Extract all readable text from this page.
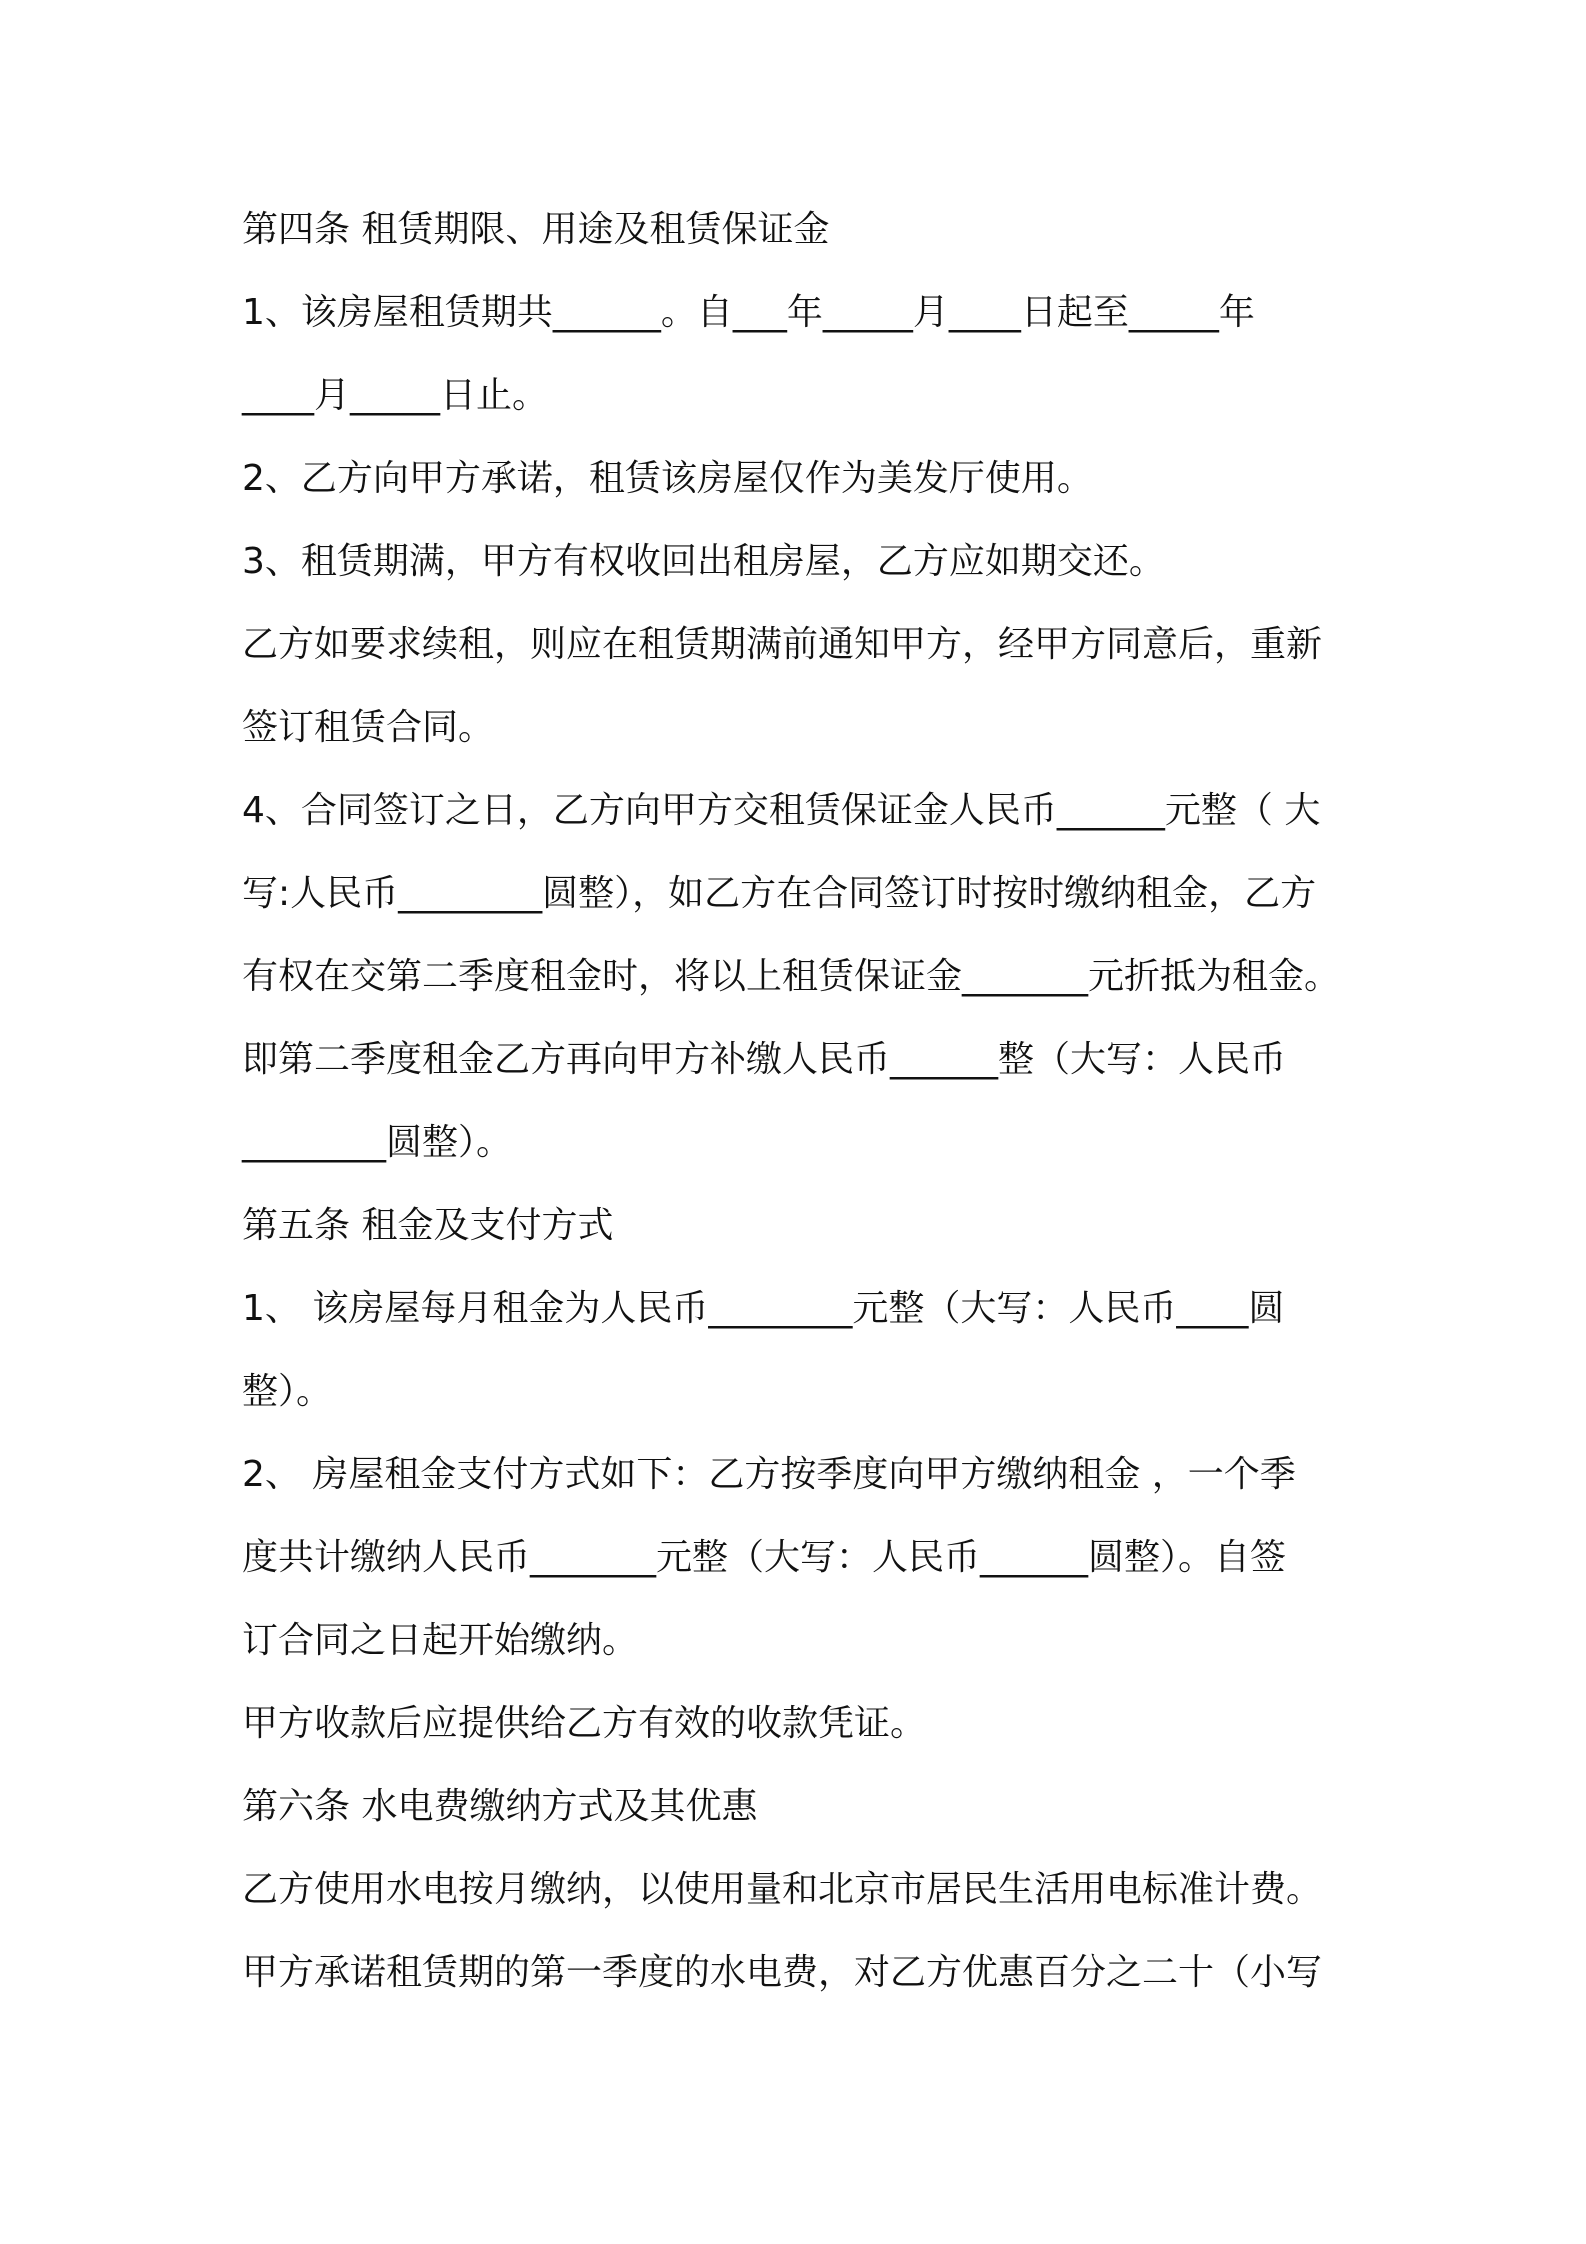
第四条 租赁期限、用途及租赁保证金
1、该房屋租赁期共______。自___年_____月____日起至_____年
____月_____日止。
2、乙方向甲方承诺，租赁该房屋仅作为美发厅使用。
3、租赁期满，甲方有权收回出租房屋，乙方应如期交还。
乙方如要求续租，则应在租赁期满前通知甲方，经甲方同意后，重新
签订租赁合同。
4、合同签订之日，乙方向甲方交租赁保证金人民币______元整（ 大
写:人民币________圆整），如乙方在合同签订时按时缴纳租金，乙方
有权在交第二季度租金时，将以上租赁保证金_______元折抵为租金。
即第二季度租金乙方再向甲方补缴人民币______整（大写：人民币
________圆整）。
第五条 租金及支付方式
1、 该房屋每月租金为人民币________元整（大写：人民币____圆
整）。
2、 房屋租金支付方式如下：乙方按季度向甲方缴纳租金 ，一个季
度共计缴纳人民币_______元整（大写：人民币______圆整）。自签
订合同之日起开始缴纳。
甲方收款后应提供给乙方有效的收款凭证。
第六条 水电费缴纳方式及其优惠
乙方使用水电按月缴纳，以使用量和北京市居民生活用电标准计费。
甲方承诺租赁期的第一季度的水电费，对乙方优惠百分之二十（小写
